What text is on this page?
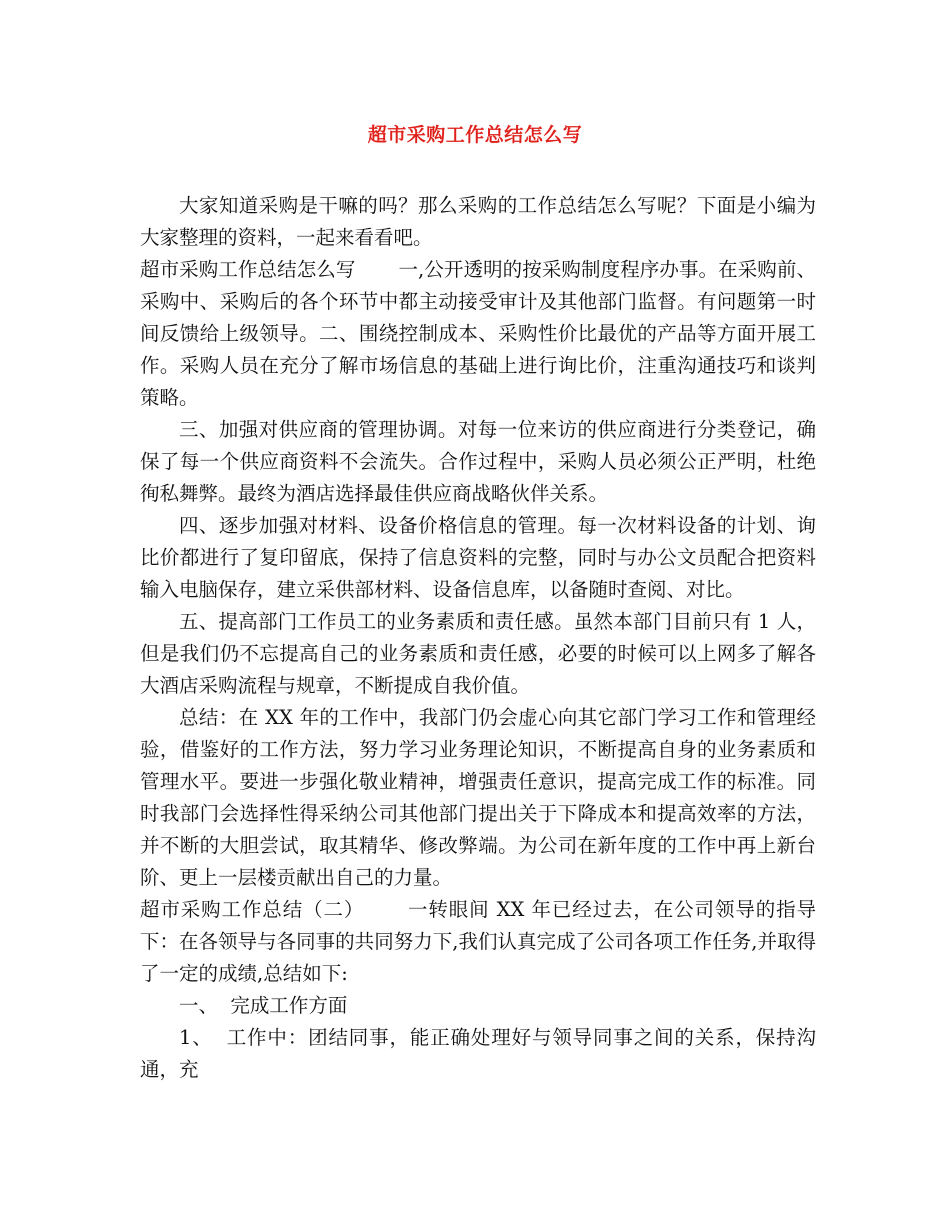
超市采购工作总结怎么写

大家知道采购是干嘛的吗？那么采购的工作总结怎么写呢？下面是小编为大家整理的资料，一起来看看吧。

超市采购工作总结怎么写 一,公开透明的按采购制度程序办事。在采购前、采购中、采购后的各个环节中都主动接受审计及其他部门监督。有问题第一时间反馈给上级领导。二、围绕控制成本、采购性价比最优的产品等方面开展工作。采购人员在充分了解市场信息的基础上进行询比价，注重沟通技巧和谈判策略。

三、加强对供应商的管理协调。对每一位来访的供应商进行分类登记，确保了每一个供应商资料不会流失。合作过程中，采购人员必须公正严明，杜绝徇私舞弊。最终为酒店选择最佳供应商战略伙伴关系。

四、逐步加强对材料、设备价格信息的管理。每一次材料设备的计划、询比价都进行了复印留底，保持了信息资料的完整，同时与办公文员配合把资料输入电脑保存，建立采供部材料、设备信息库，以备随时查阅、对比。

五、提高部门工作员工的业务素质和责任感。虽然本部门目前只有 1 人，但是我们仍不忘提高自己的业务素质和责任感，必要的时候可以上网多了解各大酒店采购流程与规章，不断提成自我价值。

总结：在 XX 年的工作中，我部门仍会虚心向其它部门学习工作和管理经验，借鉴好的工作方法，努力学习业务理论知识，不断提高自身的业务素质和管理水平。要进一步强化敬业精神，增强责任意识，提高完成工作的标准。同时我部门会选择性得采纳公司其他部门提出关于下降成本和提高效率的方法，并不断的大胆尝试，取其精华、修改弊端。为公司在新年度的工作中再上新台阶、更上一层楼贡献出自己的力量。

超市采购工作总结（二） 一转眼间 XX 年已经过去，在公司领导的指导下：在各领导与各同事的共同努力下,我们认真完成了公司各项工作任务,并取得了一定的成绩,总结如下:

一、  完成工作方面

1、  工作中：团结同事，能正确处理好与领导同事之间的关系，保持沟通，充
